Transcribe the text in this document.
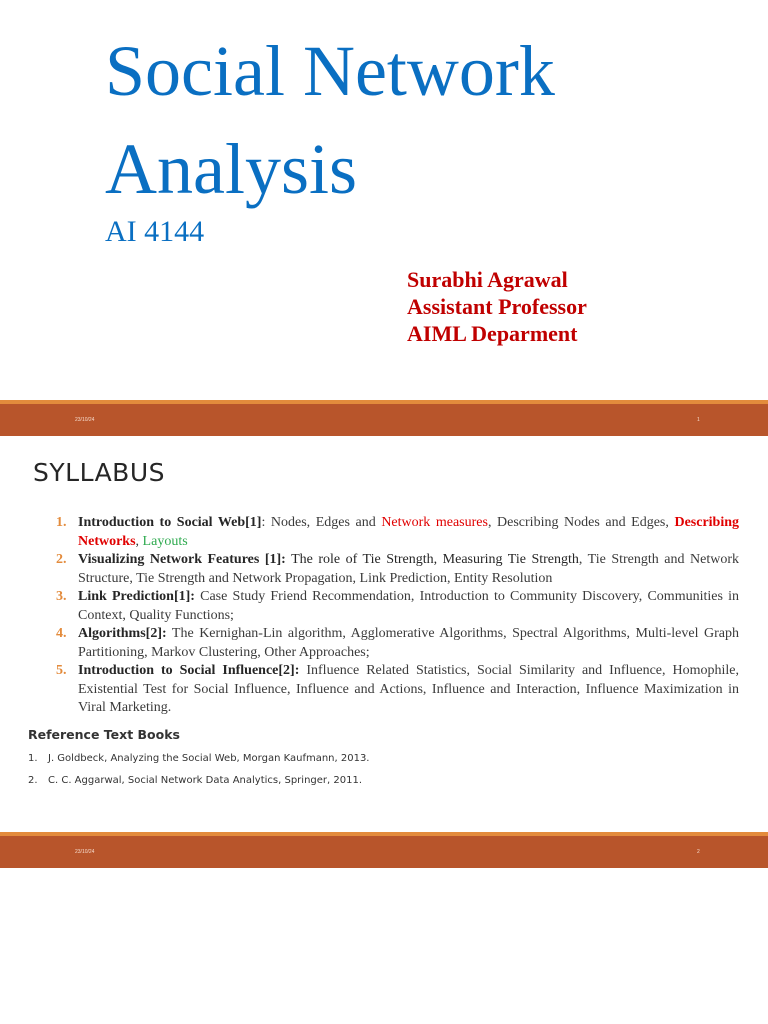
Social Network
Analysis
AI 4144
Surabhi Agrawal
Assistant Professor
AIML Deparment
23/10/24	1
SYLLABUS
1. Introduction to Social Web[1]: Nodes, Edges and Network measures, Describing Nodes and Edges, Describing Networks, Layouts
2. Visualizing Network Features [1]: The role of Tie Strength, Measuring Tie Strength, Tie Strength and Network Structure, Tie Strength and Network Propagation, Link Prediction, Entity Resolution
3. Link Prediction[1]: Case Study Friend Recommendation, Introduction to Community Discovery, Communities in Context, Quality Functions;
4. Algorithms[2]: The Kernighan-Lin algorithm, Agglomerative Algorithms, Spectral Algorithms, Multi-level Graph Partitioning, Markov Clustering, Other Approaches;
5. Introduction to Social Influence[2]: Influence Related Statistics, Social Similarity and Influence, Homophile, Existential Test for Social Influence, Influence and Actions, Influence and Interaction, Influence Maximization in Viral Marketing.
Reference Text Books
1. J. Goldbeck, Analyzing the Social Web, Morgan Kaufmann, 2013.
2. C. C. Aggarwal, Social Network Data Analytics, Springer, 2011.
23/10/24	2
